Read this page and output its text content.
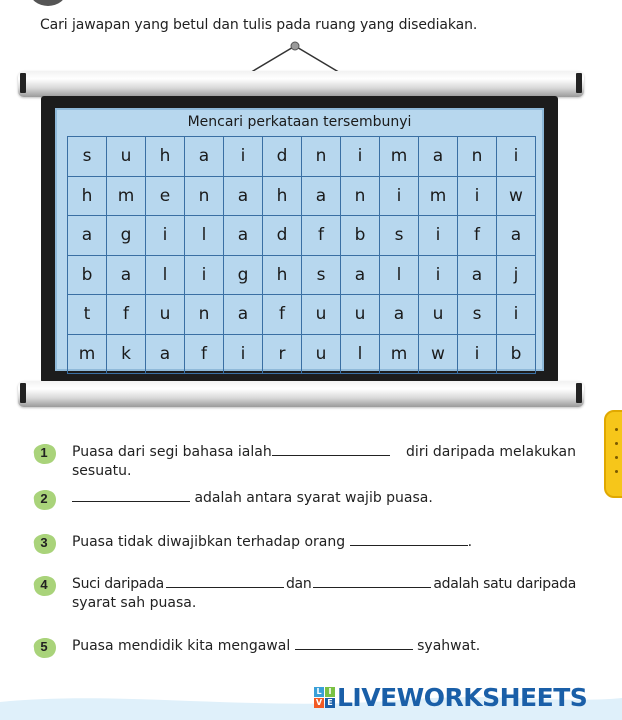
Cari jawapan yang betul dan tulis pada ruang yang disediakan.
Mencari perkataan tersembunyi
s	u	h	a	i	d	n	i	m	a	n	i
h	m	e	n	a	h	a	n	i	m	i	w
a	g	i	l	a	d	f	b	s	i	f	a
b	a	l	i	g	h	s	a	l	i	a	j
t	f	u	n	a	f	u	u	a	u	s	i
m	k	a	f	i	r	u	l	m	w	i	b
1	Puasa dari segi bahasa ialah	diri daripada melakukan
sesuatu.
2	adalah antara syarat wajib puasa.
3	Puasa tidak diwajibkan terhadap orang	.
4	Suci daripada	dan	adalah satu daripada
syarat sah puasa.
5	Puasa mendidik kita mengawal	syahwat.
L I
V E LIVEWORKSHEETS
